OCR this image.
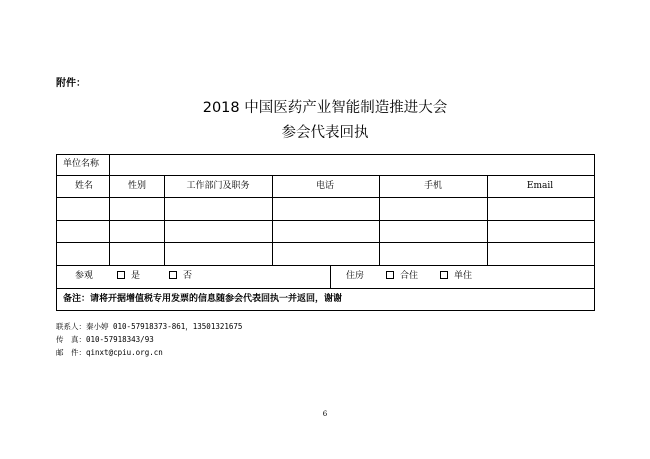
附件：
2018 中国医药产业智能制造推进大会
参会代表回执
单位名称
姓名	性别	工作部门及职务	电话	手机	Email
参观	是	否	住房	合住	单住
备注：请将开据增值税专用发票的信息随参会代表回执一并返回，谢谢
联系人：秦小婷 010-57918373-861，13501321675
传　真：010-57918343/93
邮　件：qinxt@cpiu.org.cn
6
